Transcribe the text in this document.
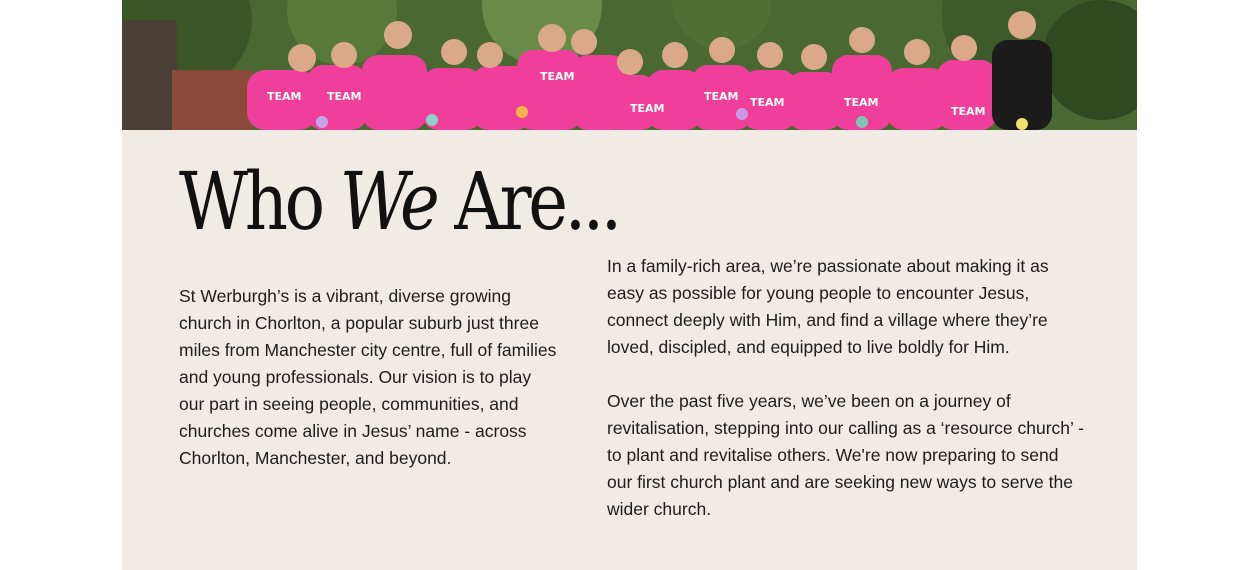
TEAM TEAM
TEAM
TEAM
TEAM TEAM	TEAM
TEAM
Who We Are...

St Werburgh’s is a vibrant, diverse growing church in Chorlton, a popular suburb just three miles from Manchester city centre, full of families and young professionals. Our vision is to play our part in seeing people, communities, and churches come alive in Jesus’ name - across Chorlton, Manchester, and beyond.

In a family-rich area, we’re passionate about making it as easy as possible for young people to encounter Jesus, connect deeply with Him, and find a village where they’re loved, discipled, and equipped to live boldly for Him.

Over the past five years, we’ve been on a journey of revitalisation, stepping into our calling as a ‘resource church’ - to plant and revitalise others. We're now preparing to send our first church plant and are seeking new ways to serve the wider church.
